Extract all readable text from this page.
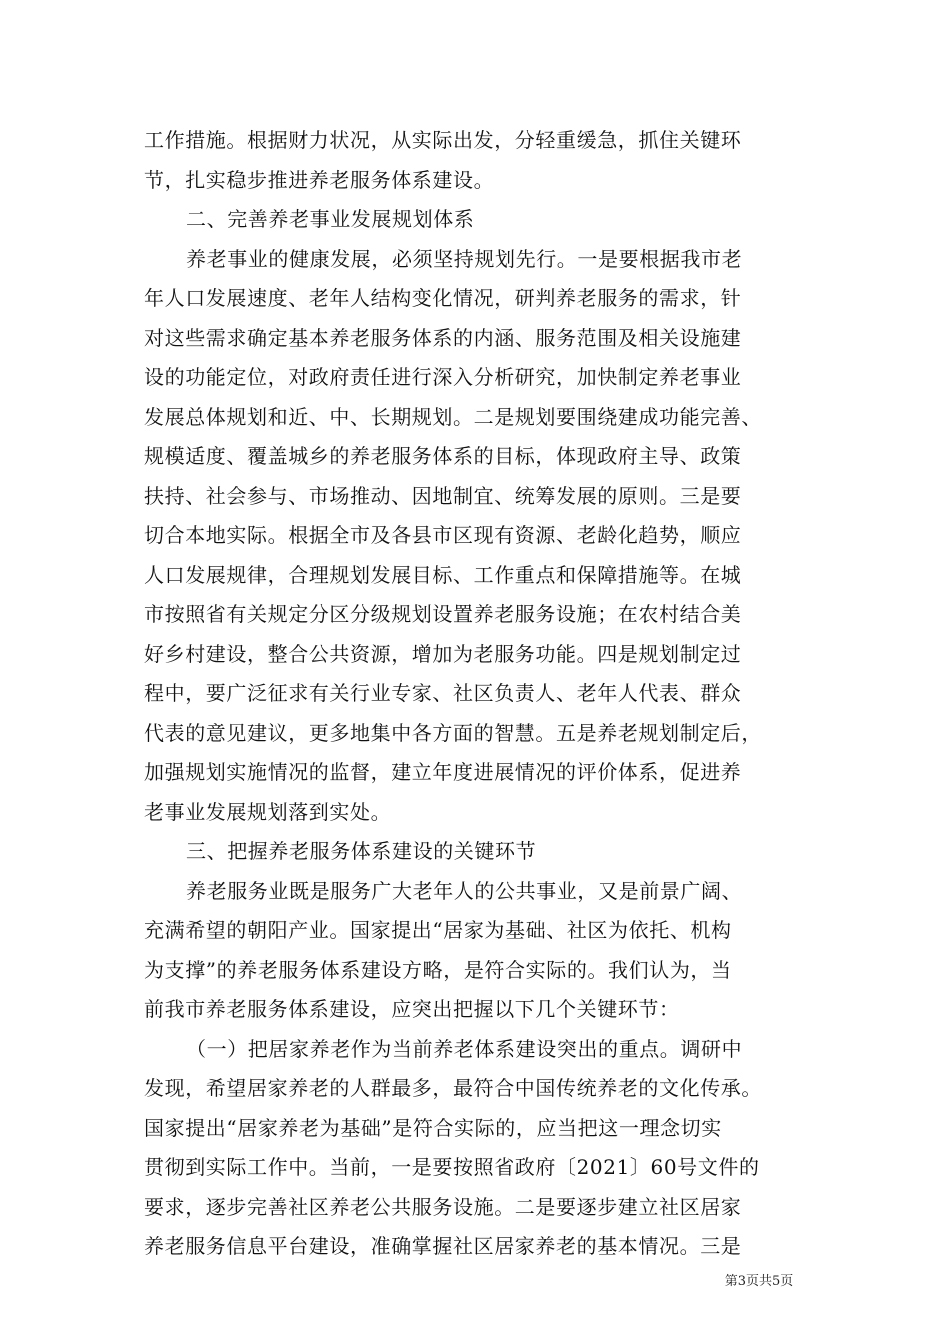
工作措施。根据财力状况，从实际出发，分轻重缓急，抓住关键环
节，扎实稳步推进养老服务体系建设。
二、完善养老事业发展规划体系
养老事业的健康发展，必须坚持规划先行。一是要根据我市老
年人口发展速度、老年人结构变化情况，研判养老服务的需求，针
对这些需求确定基本养老服务体系的内涵、服务范围及相关设施建
设的功能定位，对政府责任进行深入分析研究，加快制定养老事业
发展总体规划和近、中、长期规划。二是规划要围绕建成功能完善、
规模适度、覆盖城乡的养老服务体系的目标，体现政府主导、政策
扶持、社会参与、市场推动、因地制宜、统筹发展的原则。三是要
切合本地实际。根据全市及各县市区现有资源、老龄化趋势，顺应
人口发展规律，合理规划发展目标、工作重点和保障措施等。在城
市按照省有关规定分区分级规划设置养老服务设施；在农村结合美
好乡村建设，整合公共资源，增加为老服务功能。四是规划制定过
程中，要广泛征求有关行业专家、社区负责人、老年人代表、群众
代表的意见建议，更多地集中各方面的智慧。五是养老规划制定后，
加强规划实施情况的监督，建立年度进展情况的评价体系，促进养
老事业发展规划落到实处。
三、把握养老服务体系建设的关键环节
养老服务业既是服务广大老年人的公共事业，又是前景广阔、
充满希望的朝阳产业。国家提出“居家为基础、社区为依托、机构
为支撑”的养老服务体系建设方略，是符合实际的。我们认为，当
前我市养老服务体系建设，应突出把握以下几个关键环节：
（一）把居家养老作为当前养老体系建设突出的重点。调研中
发现，希望居家养老的人群最多，最符合中国传统养老的文化传承。
国家提出“居家养老为基础”是符合实际的，应当把这一理念切实
贯彻到实际工作中。当前，一是要按照省政府〔2021〕60号文件的
要求，逐步完善社区养老公共服务设施。二是要逐步建立社区居家
养老服务信息平台建设，准确掌握社区居家养老的基本情况。三是
第3页共5页
